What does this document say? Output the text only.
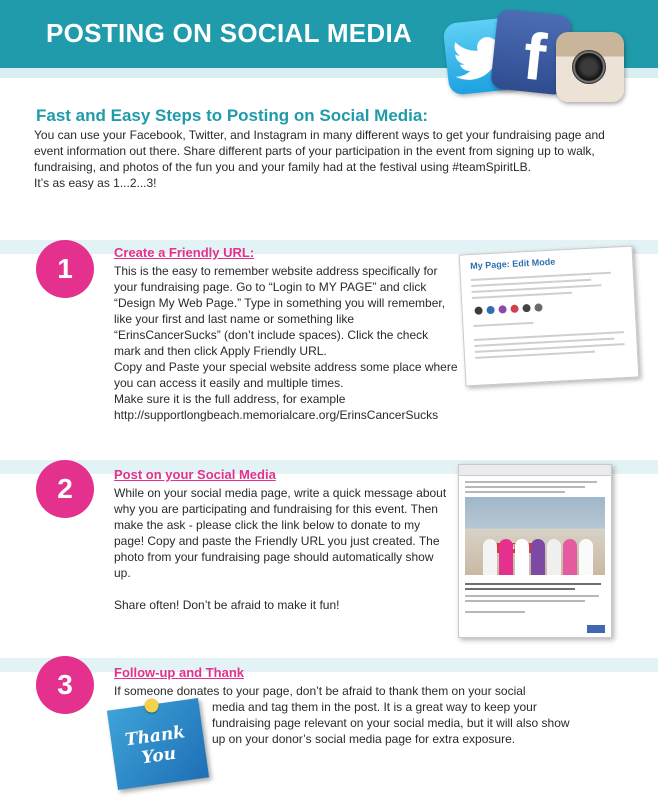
POSTING ON SOCIAL MEDIA f
Fast and Easy Steps to Posting on Social Media:

You can use your Facebook, Twitter, and Instagram in many different ways to get your fundraising page and event information out there. Share different parts of your participation in the event from signing up to walk, fundraising, and photos of the fun you and your family had at the festival using #teamSpiritLB.

It’s as easy as 1...2...3!

1
Create a Friendly URL:

This is the easy to remember website address specifically for your fundraising page. Go to “Login to MY PAGE” and click “Design My Web Page.” Type in something you will remember, like your first and last name or something like “ErinsCancerSucks” (don’t include spaces). Click the check mark and then click Apply Friendly URL.

Copy and Paste your special website address some place where you can access it easily and multiple times.

Make sure it is the full address, for example http://supportlongbeach.memorialcare.org/ErinsCancerSucks

My Page: Edit Mode
2	Post on your Social Media

While on your social media page, write a quick message about why you are participating and fundraising for this event. Then make the ask - please click the link below to donate to my page! Copy and paste the Friendly URL you just created. The photo from your fundraising page should automatically show up.

Share often! Don’t be afraid to make it fun!

3	Follow-up and Thank

If someone donates to your page, don’t be afraid to thank them on your social
media and tag them in the post. It is a great way to keep your fundraising page relevant on your social media, but it will also show up on your donor’s social media page for extra exposure.

Thank
You
